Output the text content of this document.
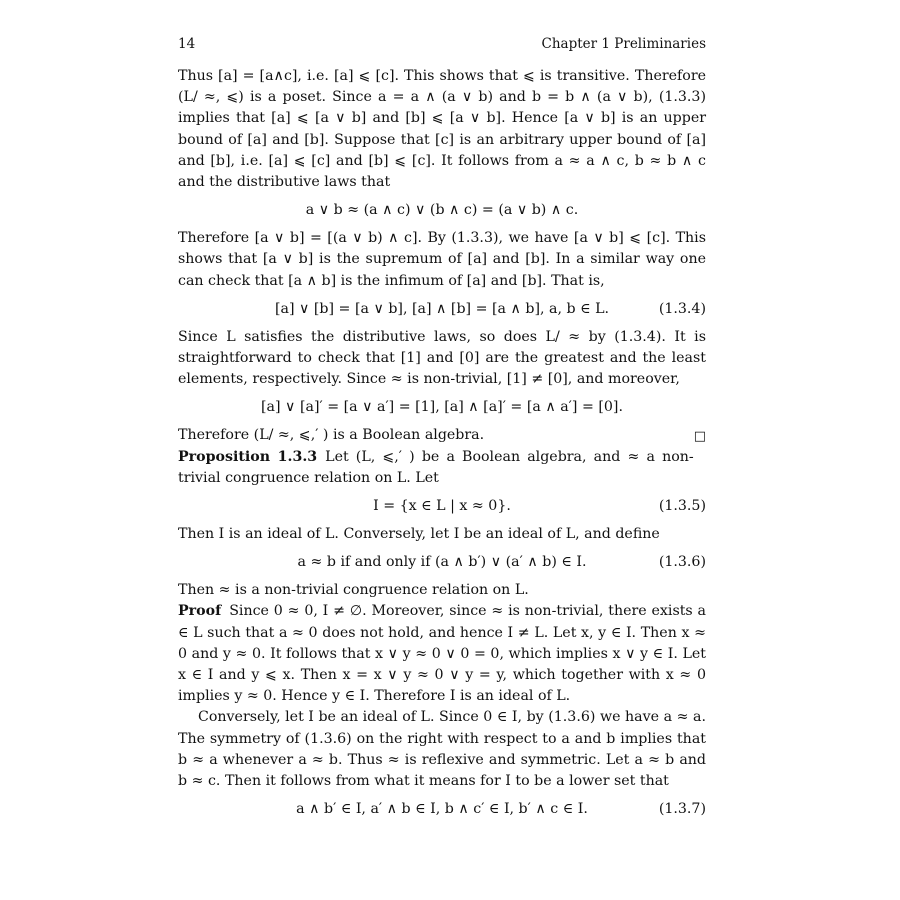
14	Chapter 1 Preliminaries

Thus [a] = [a∧c], i.e. [a] ⩽ [c]. This shows that ⩽ is transitive. Therefore (L/ ≈, ⩽) is a poset. Since a = a ∧ (a ∨ b) and b = b ∧ (a ∨ b), (1.3.3) implies that [a] ⩽ [a ∨ b] and [b] ⩽ [a ∨ b]. Hence [a ∨ b] is an upper bound of [a] and [b]. Suppose that [c] is an arbitrary upper bound of [a] and [b], i.e. [a] ⩽ [c] and [b] ⩽ [c]. It follows from a ≈ a ∧ c, b ≈ b ∧ c and the distributive laws that

a ∨ b ≈ (a ∧ c) ∨ (b ∧ c) = (a ∨ b) ∧ c.

Therefore [a ∨ b] = [(a ∨ b) ∧ c]. By (1.3.3), we have [a ∨ b] ⩽ [c]. This shows that [a ∨ b] is the supremum of [a] and [b]. In a similar way one can check that [a ∧ b] is the infimum of [a] and [b]. That is,

[a] ∨ [b] = [a ∨ b], [a] ∧ [b] = [a ∧ b], a, b ∈ L.	(1.3.4)

Since L satisfies the distributive laws, so does L/ ≈ by (1.3.4). It is straightforward to check that [1] and [0] are the greatest and the least elements, respectively. Since ≈ is non-trivial, [1] ≠ [0], and moreover,

[a] ∨ [a]′ = [a ∨ a′] = [1], [a] ∧ [a]′ = [a ∧ a′] = [0].

□
Therefore (L/ ≈, ⩽,′ ) is a Boolean algebra.

Proposition 1.3.3 Let (L, ⩽,′ ) be a Boolean algebra, and ≈ a non-trivial congruence relation on L. Let

I = {x ∈ L | x ≈ 0}.	(1.3.5)

Then I is an ideal of L. Conversely, let I be an ideal of L, and define

a ≈ b if and only if (a ∧ b′) ∨ (a′ ∧ b) ∈ I.	(1.3.6)

Then ≈ is a non-trivial congruence relation on L.

Proof Since 0 ≈ 0, I ≠ ∅. Moreover, since ≈ is non-trivial, there exists a ∈ L such that a ≈ 0 does not hold, and hence I ≠ L. Let x, y ∈ I. Then x ≈ 0 and y ≈ 0. It follows that x ∨ y ≈ 0 ∨ 0 = 0, which implies x ∨ y ∈ I. Let x ∈ I and y ⩽ x. Then x = x ∨ y ≈ 0 ∨ y = y, which together with x ≈ 0 implies y ≈ 0. Hence y ∈ I. Therefore I is an ideal of L.

Conversely, let I be an ideal of L. Since 0 ∈ I, by (1.3.6) we have a ≈ a. The symmetry of (1.3.6) on the right with respect to a and b implies that b ≈ a whenever a ≈ b. Thus ≈ is reflexive and symmetric. Let a ≈ b and b ≈ c. Then it follows from what it means for I to be a lower set that

a ∧ b′ ∈ I, a′ ∧ b ∈ I, b ∧ c′ ∈ I, b′ ∧ c ∈ I.	(1.3.7)
